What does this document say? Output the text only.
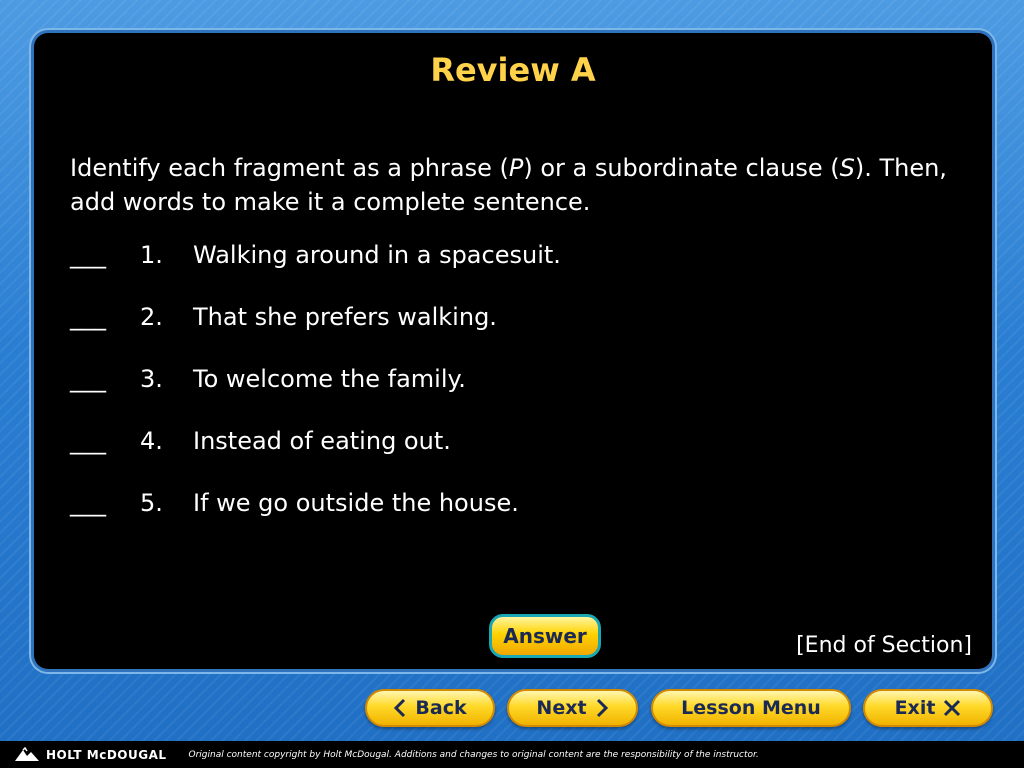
Review A
Identify each fragment as a phrase (P) or a subordinate clause (S). Then, add words to make it a complete sentence.
___ 1. Walking around in a spacesuit.
___ 2. That she prefers walking.
___ 3. To welcome the family.
___ 4. Instead of eating out.
___ 5. If we go outside the house.
Answer	[End of Section]
Back	Next	Lesson Menu	Exit
HOLT McDOUGAL Original content copyright by Holt McDougal. Additions and changes to original content are the responsibility of the instructor.
